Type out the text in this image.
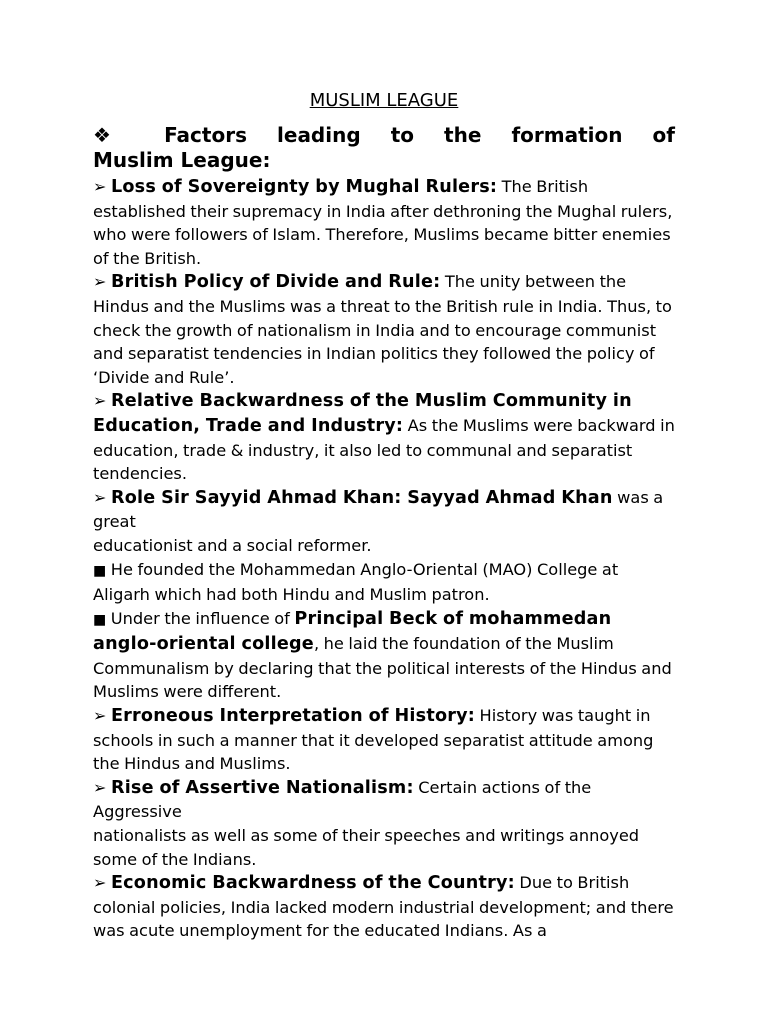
MUSLIM LEAGUE
❖ Factors leading to the formation of
Muslim League:

➢ Loss of Sovereignty by Mughal Rulers: The British established their supremacy in India after dethroning the Mughal rulers, who were followers of Islam. Therefore, Muslims became bitter enemies of the British.

➢ British Policy of Divide and Rule: The unity between the Hindus and the Muslims was a threat to the British rule in India. Thus, to check the growth of nationalism in India and to encourage communist and separatist tendencies in Indian politics they followed the policy of ‘Divide and Rule’.

➢ Relative Backwardness of the Muslim Community in Education, Trade and Industry: As the Muslims were backward in education, trade & industry, it also led to communal and separatist tendencies.

➢ Role Sir Sayyid Ahmad Khan: Sayyad Ahmad Khan was a great
educationist and a social reformer.

■ He founded the Mohammedan Anglo-Oriental (MAO) College at Aligarh which had both Hindu and Muslim patron.

■ Under the influence of Principal Beck of mohammedan anglo-oriental college, he laid the foundation of the Muslim Communalism by declaring that the political interests of the Hindus and Muslims were different.

➢ Erroneous Interpretation of History: History was taught in schools in such a manner that it developed separatist attitude among the Hindus and Muslims.

➢ Rise of Assertive Nationalism: Certain actions of the Aggressive
nationalists as well as some of their speeches and writings annoyed some of the Indians.

➢ Economic Backwardness of the Country: Due to British colonial policies, India lacked modern industrial development; and there was acute unemployment for the educated Indians. As a
